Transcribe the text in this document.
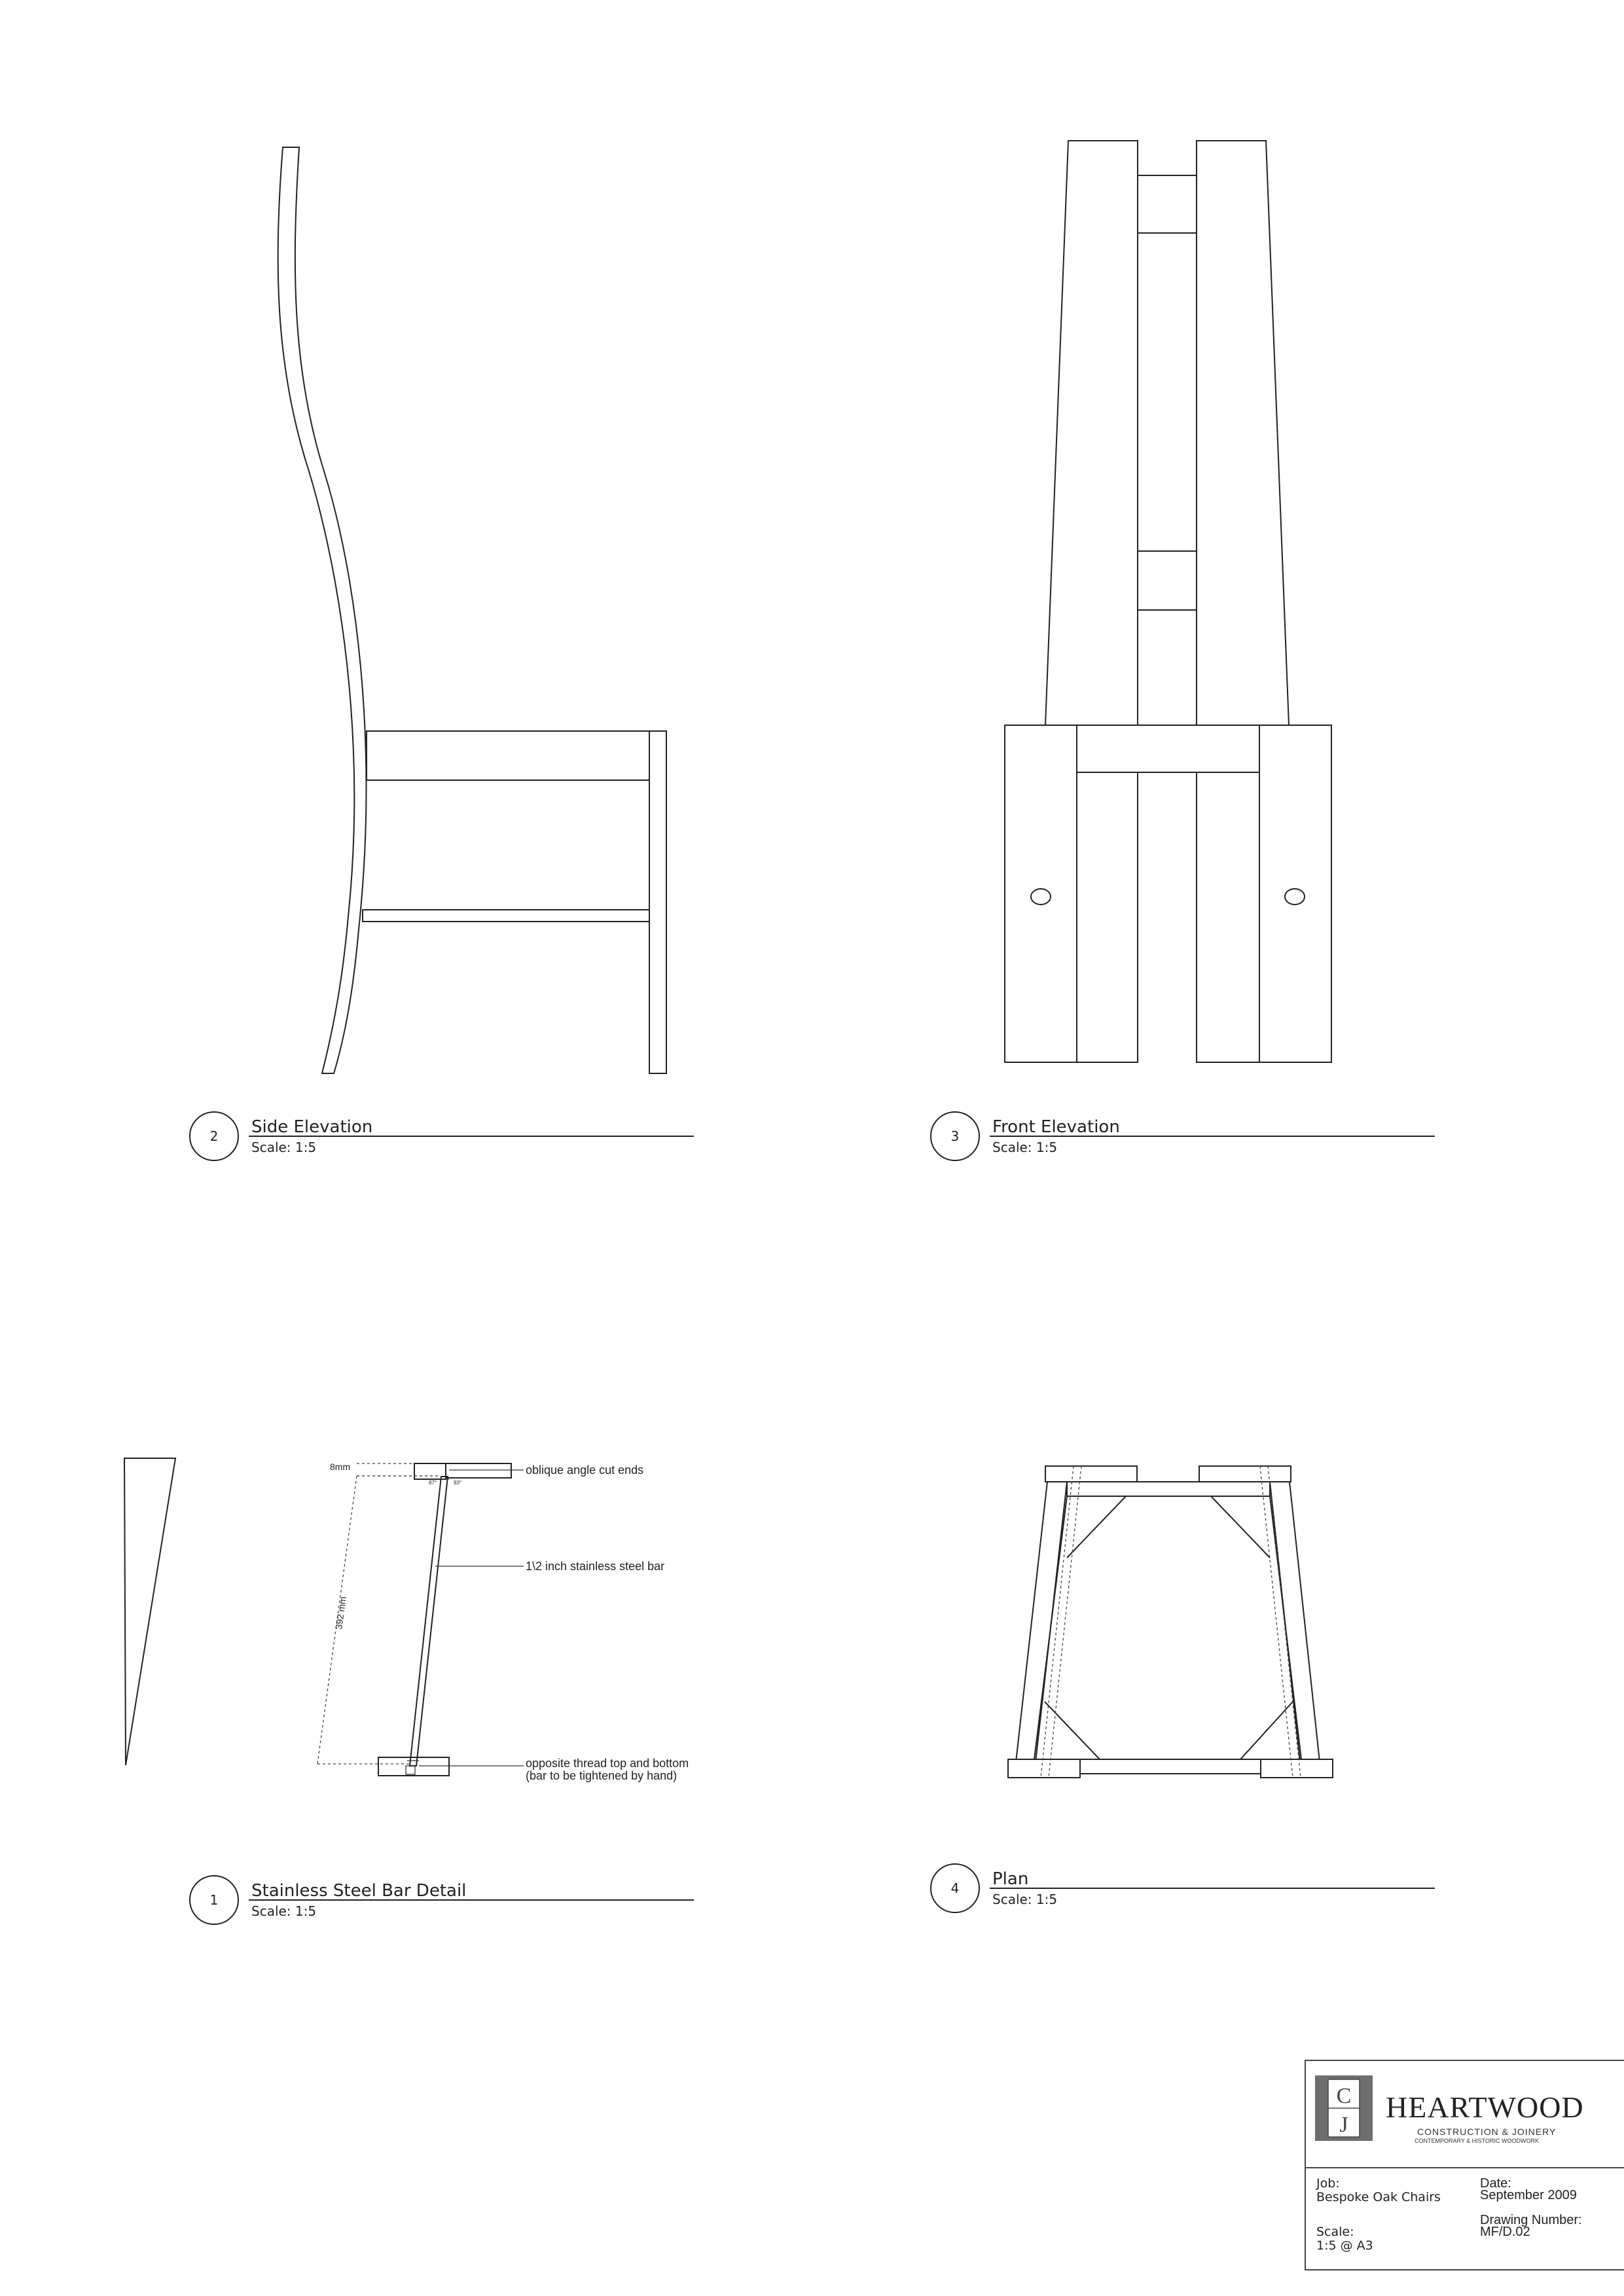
8mm
392 mm
87°	93°
oblique angle cut ends
1\2 inch stainless steel bar
opposite thread top and bottom
(bar to be tightened by hand)
2 Side Elevation
Scale: 1:5
3 Front Elevation
Scale: 1:5
1 Stainless Steel Bar Detail
Scale: 1:5
4 Plan
Scale: 1:5
C
J
HEARTWOOD
CONSTRUCTION & JOINERY
CONTEMPORARY & HISTORIC WOODWORK
Job:
Bespoke Oak Chairs
Scale:
1:5 @ A3
Date:
September 2009
Drawing Number:
MF/D.02
